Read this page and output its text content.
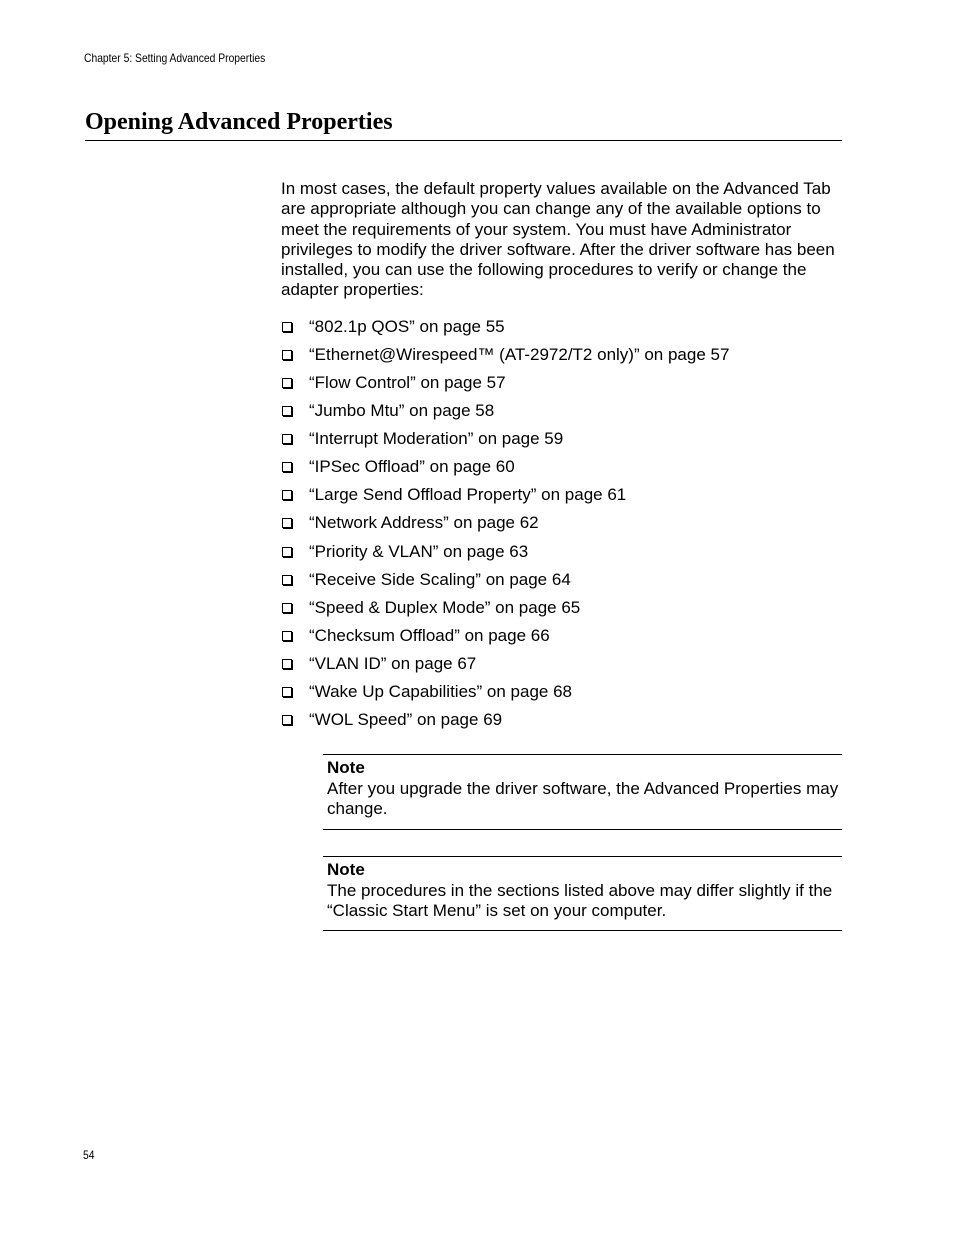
Chapter 5: Setting Advanced Properties
Opening Advanced Properties

In most cases, the default property values available on the Advanced Tab are appropriate although you can change any of the available options to meet the requirements of your system. You must have Administrator privileges to modify the driver software. After the driver software has been installed, you can use the following procedures to verify or change the adapter properties:

“802.1p QOS” on page 55
“Ethernet@Wirespeed™ (AT-2972/T2 only)” on page 57
“Flow Control” on page 57
“Jumbo Mtu” on page 58
“Interrupt Moderation” on page 59
“IPSec Offload” on page 60
“Large Send Offload Property” on page 61
“Network Address” on page 62
“Priority & VLAN” on page 63
“Receive Side Scaling” on page 64
“Speed & Duplex Mode” on page 65
“Checksum Offload” on page 66
“VLAN ID” on page 67
“Wake Up Capabilities” on page 68
“WOL Speed” on page 69

Note

After you upgrade the driver software, the Advanced Properties may change.

Note

The procedures in the sections listed above may differ slightly if the “Classic Start Menu” is set on your computer.

54
